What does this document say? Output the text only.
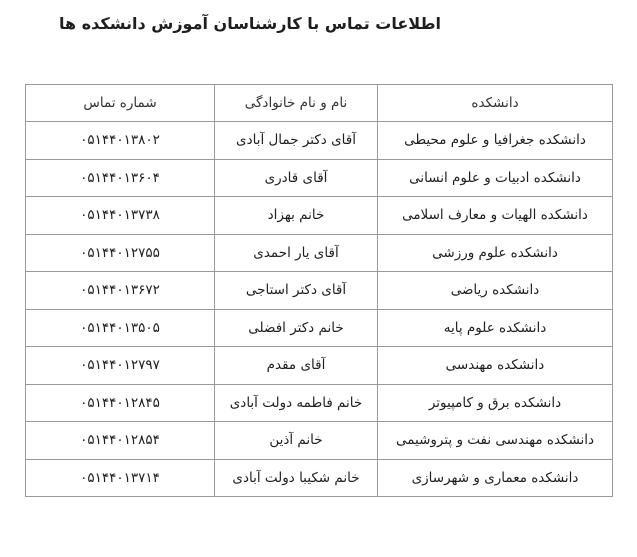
اطلاعات تماس با کارشناسان آموزش دانشکده ها
دانشکده	نام و نام خانوادگی	شماره تماس
دانشکده جغرافیا و علوم محیطی	آقای دکتر جمال آبادی	۰۵۱۴۴۰۱۳۸۰۲
دانشکده ادبیات و علوم انسانی	آقای قادری	۰۵۱۴۴۰۱۳۶۰۴
دانشکده الهیات و معارف اسلامی	خانم بهزاد	۰۵۱۴۴۰۱۳۷۳۸
دانشکده علوم ورزشی	آقای یار احمدی	۰۵۱۴۴۰۱۲۷۵۵
دانشکده ریاضی	آقای دکتر استاجی	۰۵۱۴۴۰۱۳۶۷۲
دانشکده علوم پایه	خانم دکتر افضلی	۰۵۱۴۴۰۱۳۵۰۵
دانشکده مهندسی	آقای مقدم	۰۵۱۴۴۰۱۲۷۹۷
دانشکده برق و کامپیوتر	خانم فاطمه دولت آبادی	۰۵۱۴۴۰۱۲۸۴۵
دانشکده مهندسی نفت و پتروشیمی	خانم آذین	۰۵۱۴۴۰۱۲۸۵۴
دانشکده معماری و شهرسازی	خانم شکیبا دولت آبادی	۰۵۱۴۴۰۱۳۷۱۴
